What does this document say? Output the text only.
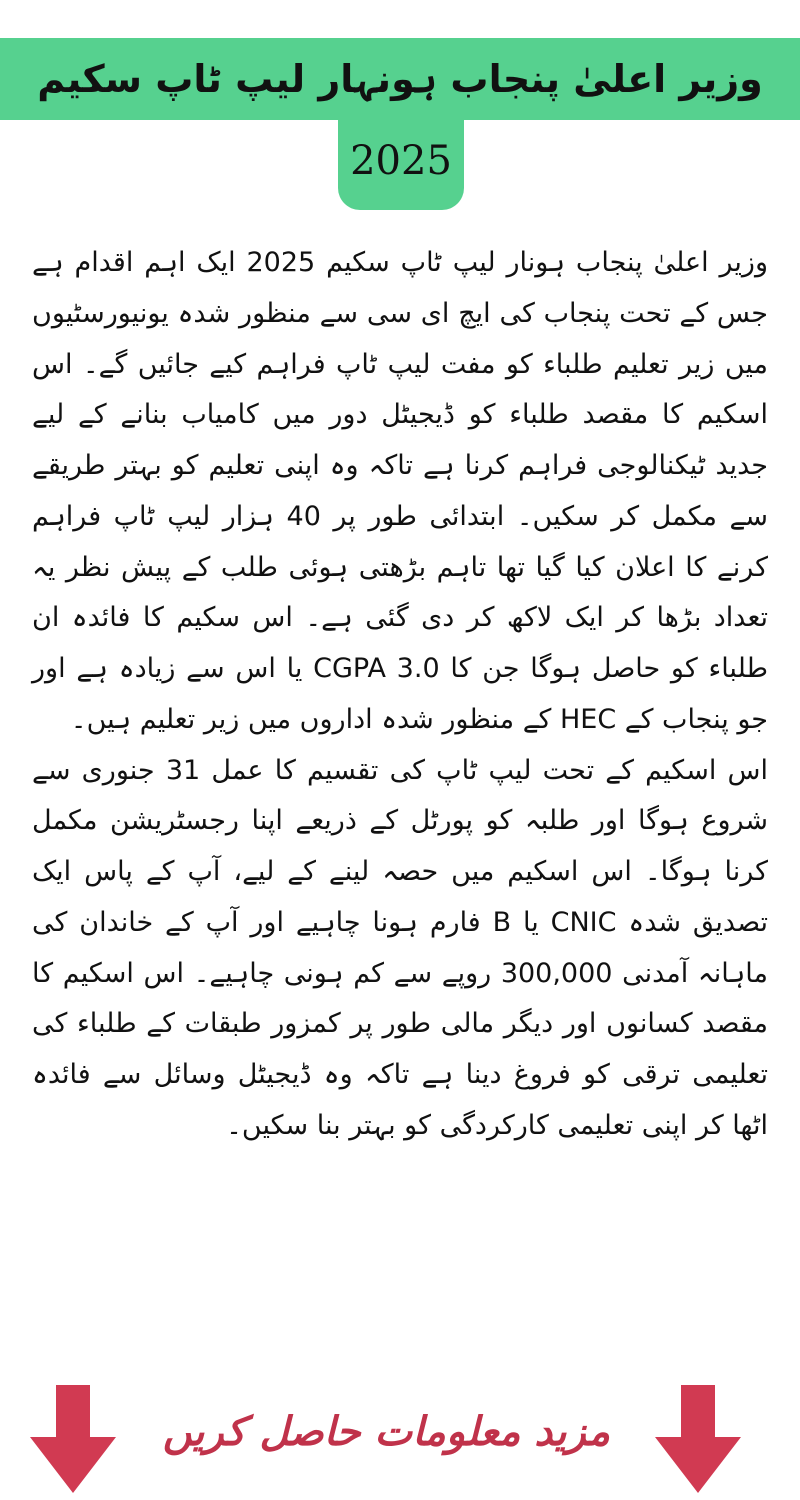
وزیر اعلیٰ پنجاب ہونہار لیپ ٹاپ سکیم
2025

وزیر اعلیٰ پنجاب ہونار لیپ ٹاپ سکیم 2025 ایک اہم اقدام ہے جس کے تحت پنجاب کی ایچ ای سی سے منظور شدہ یونیورسٹیوں میں زیر تعلیم طلباء کو مفت لیپ ٹاپ فراہم کیے جائیں گے۔ اس اسکیم کا مقصد طلباء کو ڈیجیٹل دور میں کامیاب بنانے کے لیے جدید ٹیکنالوجی فراہم کرنا ہے تاکہ وہ اپنی تعلیم کو بہتر طریقے سے مکمل کر سکیں۔ ابتدائی طور پر 40 ہزار لیپ ٹاپ فراہم کرنے کا اعلان کیا گیا تھا تاہم بڑھتی ہوئی طلب کے پیش نظر یہ تعداد بڑھا کر ایک لاکھ کر دی گئی ہے۔ اس سکیم کا فائدہ ان طلباء کو حاصل ہوگا جن کا CGPA 3.0 یا اس سے زیادہ ہے اور جو پنجاب کے HEC کے منظور شدہ اداروں میں زیر تعلیم ہیں۔

اس اسکیم کے تحت لیپ ٹاپ کی تقسیم کا عمل 31 جنوری سے شروع ہوگا اور طلبہ کو پورٹل کے ذریعے اپنا رجسٹریشن مکمل کرنا ہوگا۔ اس اسکیم میں حصہ لینے کے لیے، آپ کے پاس ایک تصدیق شدہ CNIC یا B فارم ہونا چاہیے اور آپ کے خاندان کی ماہانہ آمدنی 300,000 روپے سے کم ہونی چاہیے۔ اس اسکیم کا مقصد کسانوں اور دیگر مالی طور پر کمزور طبقات کے طلباء کی تعلیمی ترقی کو فروغ دینا ہے تاکہ وہ ڈیجیٹل وسائل سے فائدہ اٹھا کر اپنی تعلیمی کارکردگی کو بہتر بنا سکیں۔

مزید معلومات حاصل کریں
